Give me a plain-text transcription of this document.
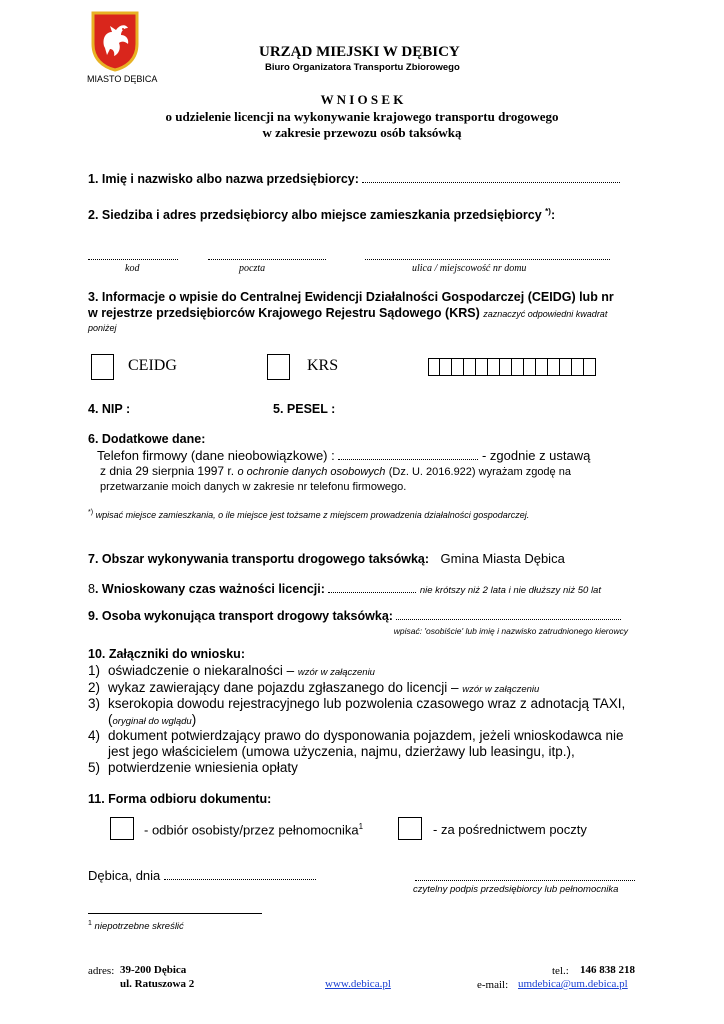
MIASTO DĘBICA
URZĄD MIEJSKI W DĘBICY
Biuro Organizatora Transportu Zbiorowego
W N I O S E K
o udzielenie licencji na wykonywanie krajowego transportu drogowego
w zakresie przewozu osób taksówką
1. Imię i nazwisko albo nazwa przedsiębiorcy:
2. Siedziba i adres przedsiębiorcy albo miejsce zamieszkania przedsiębiorcy *):
kod	poczta	ulica / miejscowość nr domu
3. Informacje o wpisie do Centralnej Ewidencji Działalności Gospodarczej (CEIDG) lub nr
w rejestrze przedsiębiorców Krajowego Rejestru Sądowego (KRS) zaznaczyć odpowiedni kwadrat
poniżej
CEIDG	KRS
4. NIP :	5. PESEL :
6. Dodatkowe dane:
Telefon firmowy (dane nieobowiązkowe) :	- zgodnie z ustawą
z dnia 29 sierpnia 1997 r. o ochronie danych osobowych (Dz. U. 2016.922) wyrażam zgodę na
przetwarzanie moich danych w zakresie nr telefonu firmowego.
*) wpisać miejsce zamieszkania, o ile miejsce jest tożsame z miejscem prowadzenia działalności gospodarczej.
7. Obszar wykonywania transportu drogowego taksówką: Gmina Miasta Dębica
8. Wnioskowany czas ważności licencji:	nie krótszy niż 2 lata i nie dłuższy niż 50 lat
9. Osoba wykonująca transport drogowy taksówką:
wpisać: 'osobiście' lub imię i nazwisko zatrudnionego kierowcy
10. Załączniki do wniosku:
1) oświadczenie o niekaralności – wzór w załączeniu
2) wykaz zawierający dane pojazdu zgłaszanego do licencji – wzór w załączeniu
3) kserokopia dowodu rejestracyjnego lub pozwolenia czasowego wraz z adnotacją TAXI,
(oryginał do wglądu)
4) dokument potwierdzający prawo do dysponowania pojazdem, jeżeli wnioskodawca nie
jest jego właścicielem (umowa użyczenia, najmu, dzierżawy lub leasingu, itp.),
5) potwierdzenie wniesienia opłaty
11. Forma odbioru dokumentu:
- odbiór osobisty/przez pełnomocnika$^1$	- za pośrednictwem poczty
Dębica, dnia
czytelny podpis przedsiębiorcy lub pełnomocnika
$^1$ niepotrzebne skreślić
adres: 39-200 Dębica
ul. Ratuszowa 2	www.debica.pl
tel.: 146 838 218
e-mail: umdebica@um.debica.pl
